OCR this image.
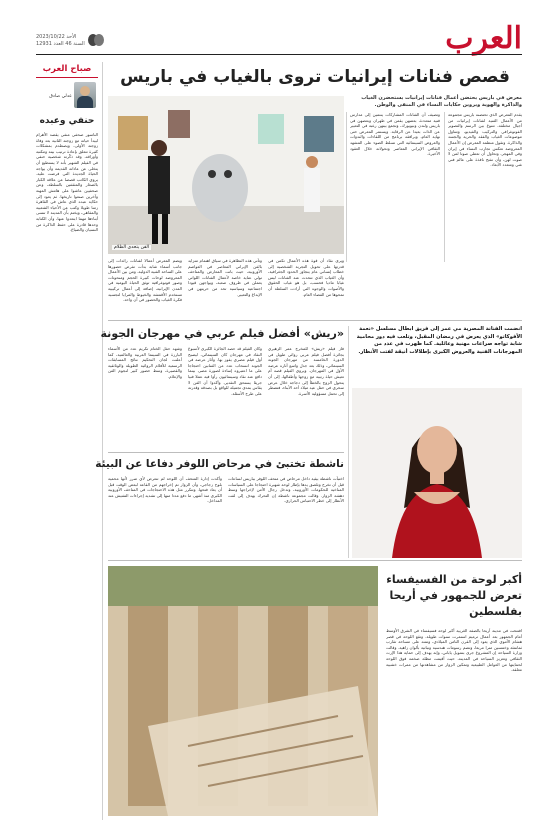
العرب
الأحد 2023/10/22
السنة 46 العدد 12931
صباح العرب
عدلي صادق
حنفي وعبده
الناسور صحفي منفي يقصد الأهرام ليبدأ حياته مع زوجته الثانية بعد وفاة زوجته الأولى، ويصطدم بمشكلات كثيرة تتعلق بإعادة ترتيب بيته ومكتبه وأوراقه، وقد ذكّرته شخصية حنفي في الفيلم الشهير بأنه لا يستطيع أن يتخلى عن عاداته القديمة وأن يواجه الحياة الجديدة التي فرضت عليه. يروي الكاتب قصصا عن علاقة الكبار بالصغار والمثقفين بالسلطة، وعن صحفيين عاشوا على هامش المهنة وآخرين صنعوا تاريخها. ثم يعود إلى حكاية عبده الذي عاش في القاهرة زمنا طويلا وكتب عن الأحياء الشعبية والمقاهي، ويختم بأن المدينة لا تنسى أبناءها مهما ابتعدوا عنها، وأن الكتابة وحدها قادرة على حفظ الذاكرة من النسيان والضياع.
قصص فنانات إيرانيات تروى بالغياب في باريس
معرض في باريس يحتضن أعمال فنانات إيرانيات يستحضرن الغياب والذاكرة والهوية ويروين حكايات النساء في المنفى والوطن.
الفن يتحدى الظلام
يقدم المعرض الذي تحتضنه باريس مجموعة من الأعمال الفنية لفنانات إيرانيات من أجيال مختلفة، تتنوع بين الرسم والتصوير الفوتوغرافي والتركيب والفيديو، وتتناول موضوعات الغياب والفقد والحرية والجسد والذاكرة. وتقول منظمة المعرض إن الأعمال المعروضة تعكس تجارب النساء في إيران وفي المهجر، وتحاول أن تعطي صوتا لمن لا صوت لهن، وأن تفتح نافذة على عالم فني غني ومتعدد الأبعاد.
وتضيف أن الفنانات المشاركات ينتمين إلى مدارس فنية متعددة، بعضهن يقمن في طهران وبعضهن في باريس ولندن ونيويورك، وتجمع بينهن رغبة في التعبير عن الذات بعيدا عن الرقابة. ويستمر المعرض حتى نهاية العام، ويرافقه برنامج من اللقاءات والندوات والعروض السينمائية التي تسلط الضوء على المشهد الثقافي الإيراني المعاصر وتحولاته خلال العقود الأخيرة.
ويضم المعرض أعمالا لفنانات رائدات إلى جانب أسماء شابة بدأت تفرض حضورها على الساحة الفنية الدولية، ومن بين الأعمال المعروضة لوحات كبيرة الحجم ومنحوتات وصور فوتوغرافية توثق الحياة اليومية في المدن الإيرانية، إضافة إلى أعمال تركيبية تستخدم الأقمشة والخيوط والمرايا لتجسيد فكرة الغياب والحضور في آن واحد.
وتأتي هذه التظاهرة في سياق اهتمام متزايد بالفن الإيراني المعاصر في العواصم الأوروبية، حيث باتت المعارض والمتاحف تولي عناية خاصة لأعمال الفنانات اللواتي يعملن في ظروف صعبة، ويواجهن قيودا اجتماعية وسياسية تحد من حريتهن في الإبداع والتعبير.
ويرى نقاد أن قوة هذه الأعمال تكمن في قدرتها على تحويل التجربة الشخصية إلى خطاب إنساني عام يتجاوز الحدود الجغرافية، وأن الغياب الذي تتحدث عنه الفنانات ليس غيابا ماديا فحسب، بل هو غياب الحقوق والأصوات والوجوه التي أرادت السلطة أن تمحوها من الفضاء العام.
«ريش» أفضل فيلم عربي في مهرجان الجونة
فاز فيلم «ريش» للمخرج عمر الزهيري بجائزة أفضل فيلم عربي روائي طويل في الدورة الخامسة من مهرجان الجونة السينمائي، وذلك بعد جدل واسع أثاره عرضه الأول في المهرجان. ويروي الفيلم قصة أم تعيش حياة رتيبة مع زوجها وأطفالها، إلى أن يتحول الزوج بالخطأ إلى دجاجة خلال عرض سحري في حفل عيد ميلاد أحد الأبناء، فتضطر إلى تحمل مسؤولية الأسرة.
وكان الفيلم قد حصد الجائزة الكبرى لأسبوع النقاد في مهرجان كان السينمائي، ليصبح أول فيلم مصري يفوز بها. وأثار عرضه في الجونة انسحاب عدد من الفنانين احتجاجا على ما اعتبروه إساءة لصورة مصر، بينما دافع عنه نقاد وسينمائيون رأوا فيه عملا فنيا جريئا يستحق التقدير، وأكدوا أن الفن لا يقاس بمدى تجميله للواقع بل بصدقه وقدرته على طرح الأسئلة.
وشهد حفل الختام تكريم عدد من الأسماء البارزة في السينما العربية والعالمية، كما أعلنت لجان التحكيم نتائج المسابقات الرسمية للأفلام الروائية الطويلة والوثائقية والقصيرة، وسط حضور كبير لنجوم الفن والإعلام.
ناشطة تختبئ في مرحاض اللوفر دفاعا عن البيئة
اختبأت ناشطة بيئية داخل مرحاض في متحف اللوفر بباريس لساعات قبل أن تخرج وتلصق يدها بإطار لوحة شهيرة احتجاجا على السياسات المناخية للحكومات الأوروبية، وتدخل رجال الأمن لإخراجها وسط دهشة الزوار. وقالت مجموعة ناشطة إن التحرك يهدف إلى لفت الأنظار إلى خطر الاحتباس الحراري.
وأكدت إدارة المتحف أن اللوحة لم تتعرض لأي ضرر لأنها محمية بلوح زجاجي، وأن الزوار تم إخراجهم من القاعة لبعض الوقت قبل أن يعاد فتحها. وتتكرر مثل هذه الاحتجاجات في المتاحف الأوروبية الكبرى منذ أشهر، ما دفع عددا منها إلى تشديد إجراءات التفتيش عند المداخل.
انضمت الفنانة المصرية مي عمر إلى فريق أبطال مسلسل «نعمة الأفوكاتو» الذي يعرض في رمضان المقبل، وتلعب فيه دور محامية شابة تواجه صراعات مهنية وعائلية. كما ظهرت في عدد من المهرجانات الفنية والعروض الكبرى بإطلالات أنيقة لفتت الأنظار.
أكبر لوحة من الفسيفساء تعرض للجمهور في أريحا بفلسطين
افتتحت في مدينة أريحا بالضفة الغربية أكبر لوحة فسيفساء في الشرق الأوسط أمام الجمهور بعد أعمال ترميم استمرت سنوات طويلة. وتقع اللوحة في قصر هشام الأموي الذي يعود إلى القرن الثامن الميلادي، وتمتد على مساحة تقارب ثمانمئة وخمسين مترا مربعا، وتضم رسومات هندسية ونباتية بألوان زاهية. وقالت وزارة السياحة إن المشروع جرى بتمويل ياباني، وإنه يهدف إلى حماية هذا الإرث الثقافي وتعزيز السياحة في المدينة، حيث أقيمت مظلة ضخمة فوق اللوحة لحمايتها من العوامل الطبيعية وتمكين الزوار من مشاهدتها من ممرات خشبية معلقة.
